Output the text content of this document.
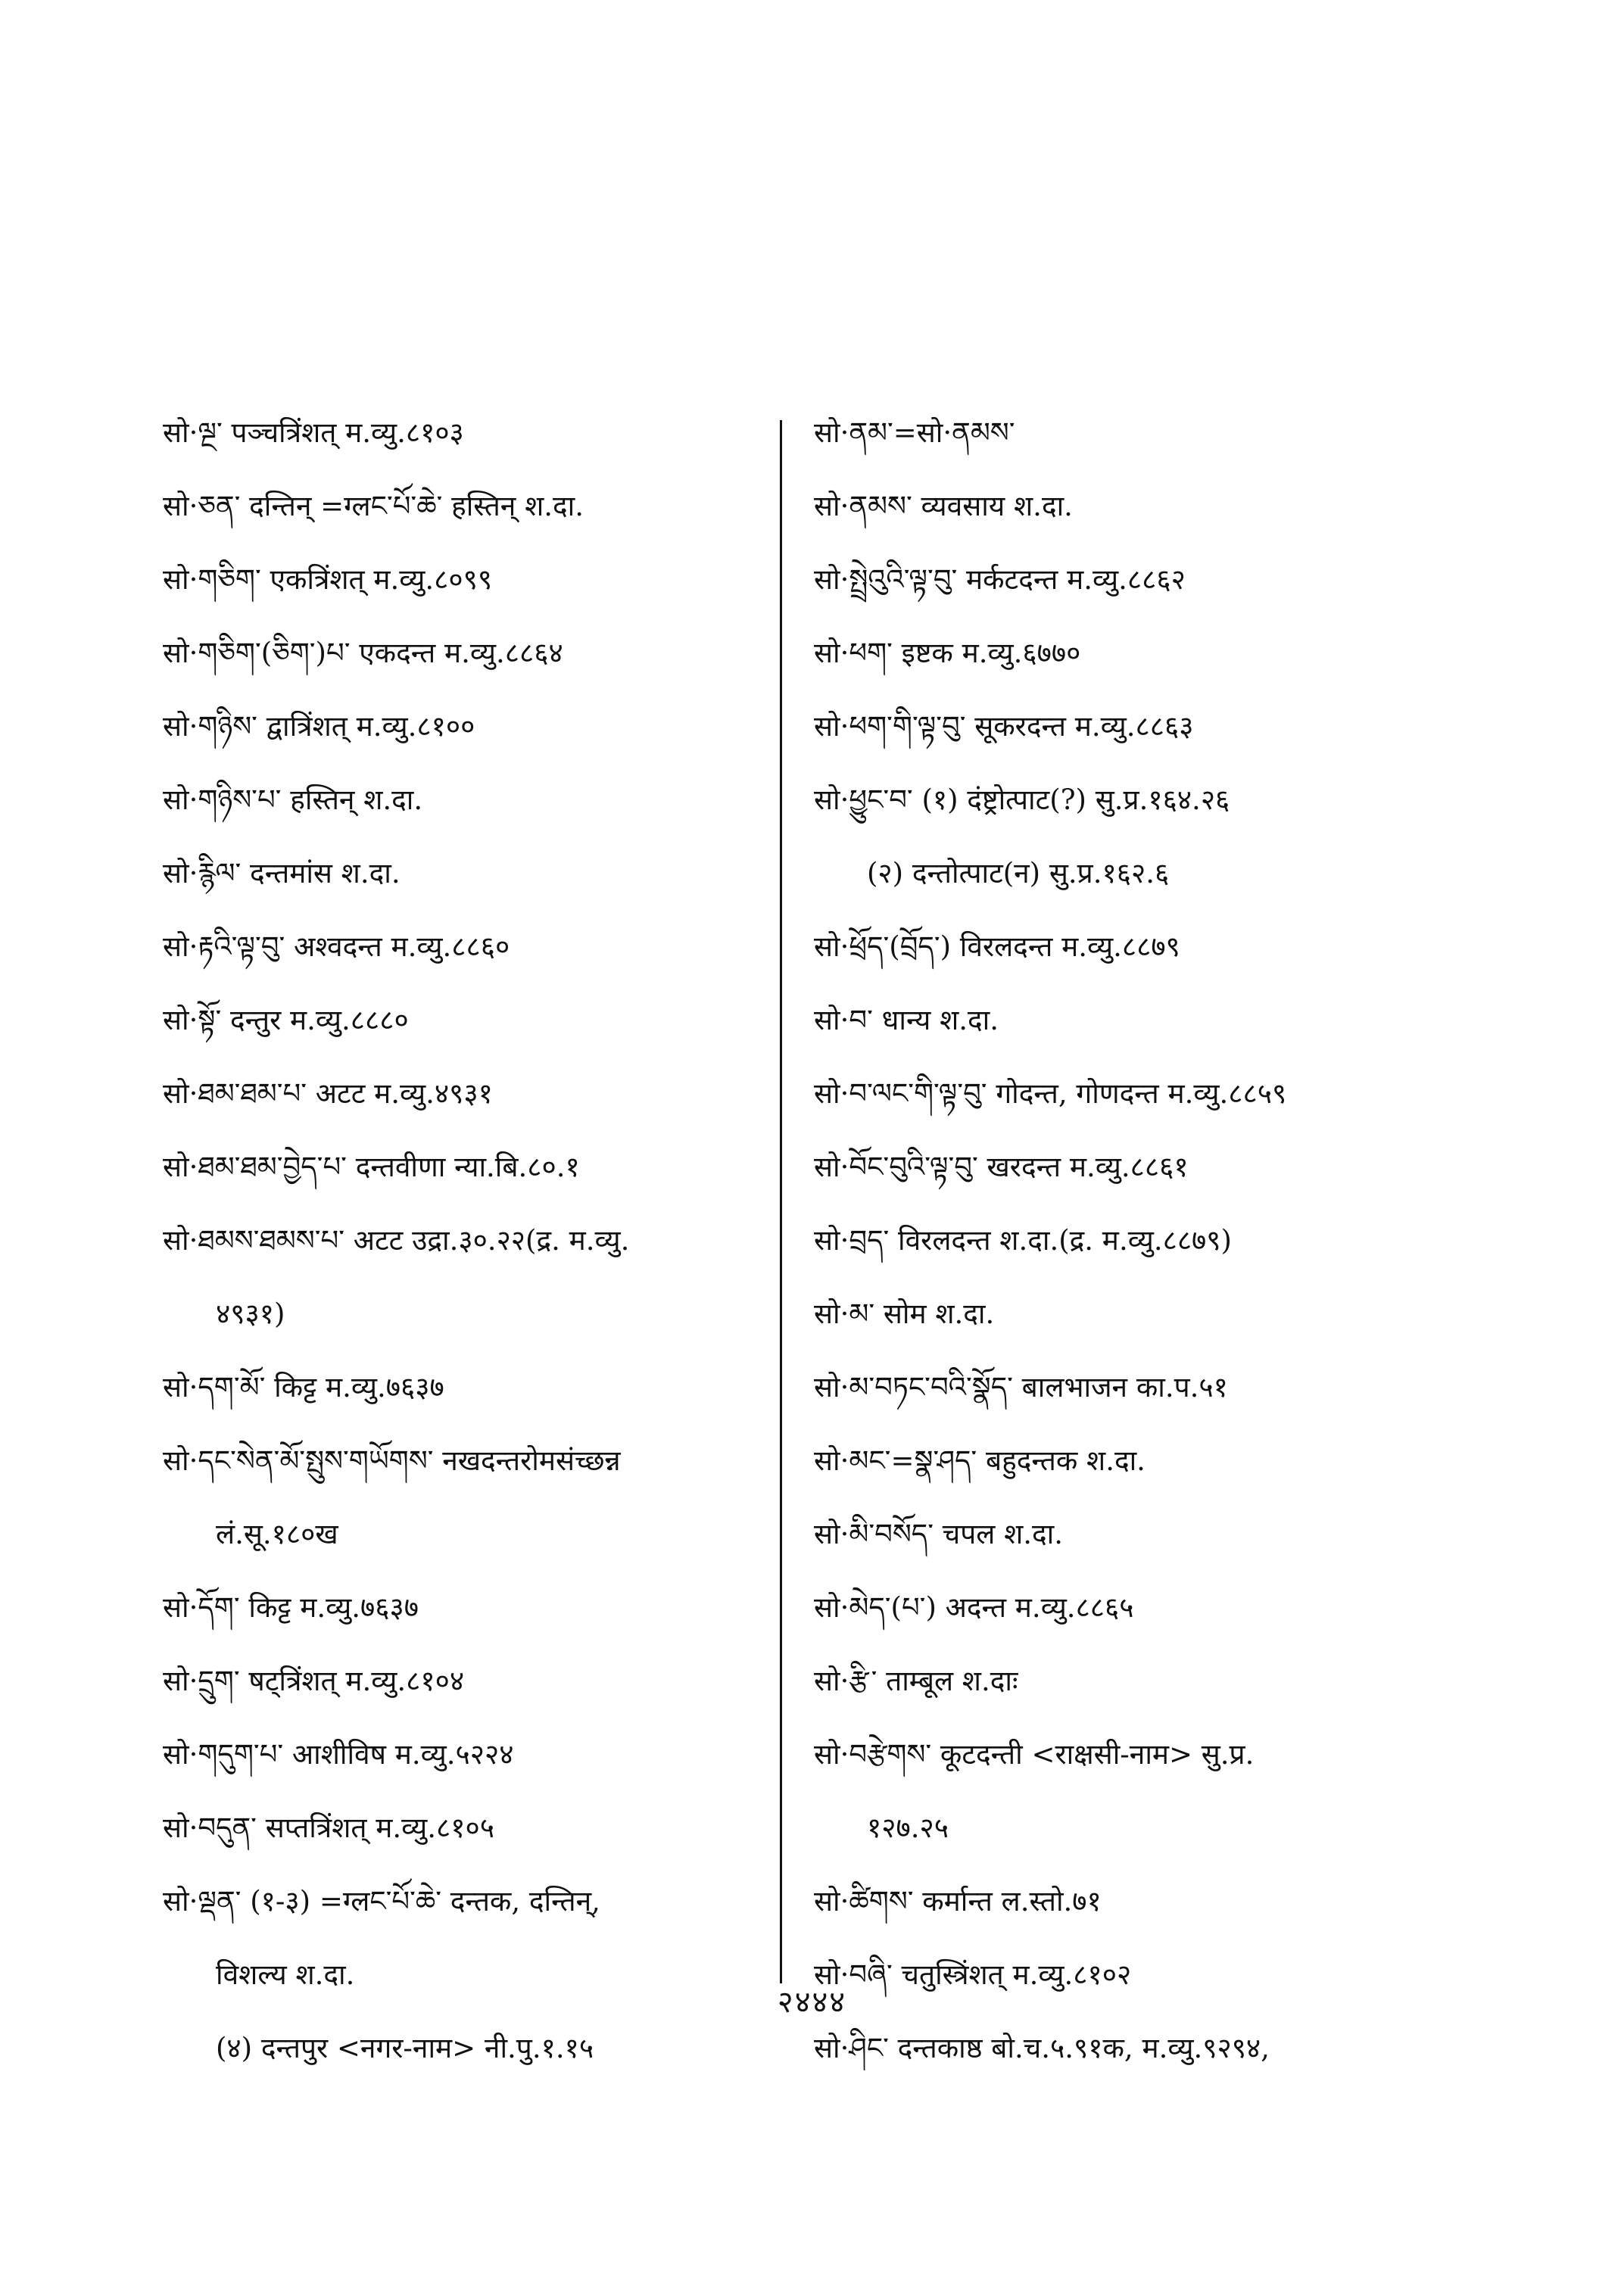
सो·ལྔ་ पञ्चत्रिंशत् म.व्यु.८१०३
सो·ཅན་ दन्तिन् =ग्लང་པོ་ཆེ་ हस्तिन् श.दा.
सो·གཅིག་ एकत्रिंशत् म.व्यु.८०९९
सो·གཅིག་(ཅིག་)པ་ एकदन्त म.व्यु.८८६४
सो·གཉིས་ द्वात्रिंशत् म.व्यु.८१००
सो·གཉིས་པ་ हस्तिन् श.दा.
सो·རྙིལ་ दन्तमांस श.दा.
सो·རྟའི་ལྟ་བུ་ अश्वदन्त म.व्यु.८८६०
सो·སྟོ་ दन्तुर म.व्यु.८८८०
सो·ཐམ་ཐམ་པ་ अटट म.व्यु.४९३१
सो·ཐམ་ཐམ་བྱེད་པ་ दन्तवीणा न्या.बि.८०.१
सो·ཐམས་ཐམས་པ་ अटट उद्रा.३०.२२(द्र. म.व्यु.
४९३१)
सो·དག་མོ་ किट्ट म.व्यु.७६३७
सो·དང་སེན་མོ་སྤུས་གཡོགས་ नखदन्तरोमसंच्छन्न
लं.सू.१८०ख
सो·དོག་ किट्ट म.व्यु.७६३७
सो·དྲུག་ षट्त्रिंशत् म.व्यु.८१०४
सो·གདུག་པ་ आशीविष म.व्यु.५२२४
सो·བདུན་ सप्तत्रिंशत् म.व्यु.८१०५
सो·ལྡན་ (१-३) =ग्लང་པོ་ཆེ་ दन्तक, दन्तिन्,
विशल्य श.दा.
(४) दन्तपुर <नगर-नाम> नी.पु.१.१५
सो·ནམ་=सो·ནམས་
सो·ནམས་ व्यवसाय श.दा.
सो·སྤྲེའུའི་ལྟ་བུ་ मर्कटदन्त म.व्यु.८८६२
सो·ཕག་ इष्टक म.व्यु.६७७०
सो·ཕག་གི་ལྟ་བུ་ सूकरदन्त म.व्यु.८८६३
सो·ཕྱུང་བ་ (१) दंष्ट्रोत्पाट(?) सु.प्र.१६४.२६
(२) दन्तोत्पाट(न) सु.प्र.१६२.६
सो·ཕྲོད་(བྲོད་) विरलदन्त म.व्यु.८८७९
सो·བ་ धान्य श.दा.
सो·བ་ལང་གི་ལྟ་བུ་ गोदन्त, गोणदन्त म.व्यु.८८५९
सो·བོང་བུའི་ལྟ་བུ་ खरदन्त म.व्यु.८८६१
सो·བྲད་ विरलदन्त श.दा.(द्र. म.व्यु.८८७९)
सो·མ་ सोम श.दा.
सो·མ་བཏང་བའི་སྣོད་ बालभाजन का.प.५१
सो·མང་=སྣ་ཤད་ बहुदन्तक श.दा.
सो·མི་བསོད་ चपल श.दा.
सो·མེད་(པ་) अदन्त म.व्यु.८८६५
सो·རྩི་ ताम्बूल श.दाः
सो·བརྩེགས་ कूटदन्ती <राक्षसी-नाम> सु.प्र.
१२७.२५
सो·ཚིགས་ कर्मान्त ल.स्तो.७१
सो·བཞི་ चतुस्त्रिंशत् म.व्यु.८१०२
सो·ཤིང་ दन्तकाष्ठ बो.च.५.९१क, म.व्यु.९२९४,
२४४४
